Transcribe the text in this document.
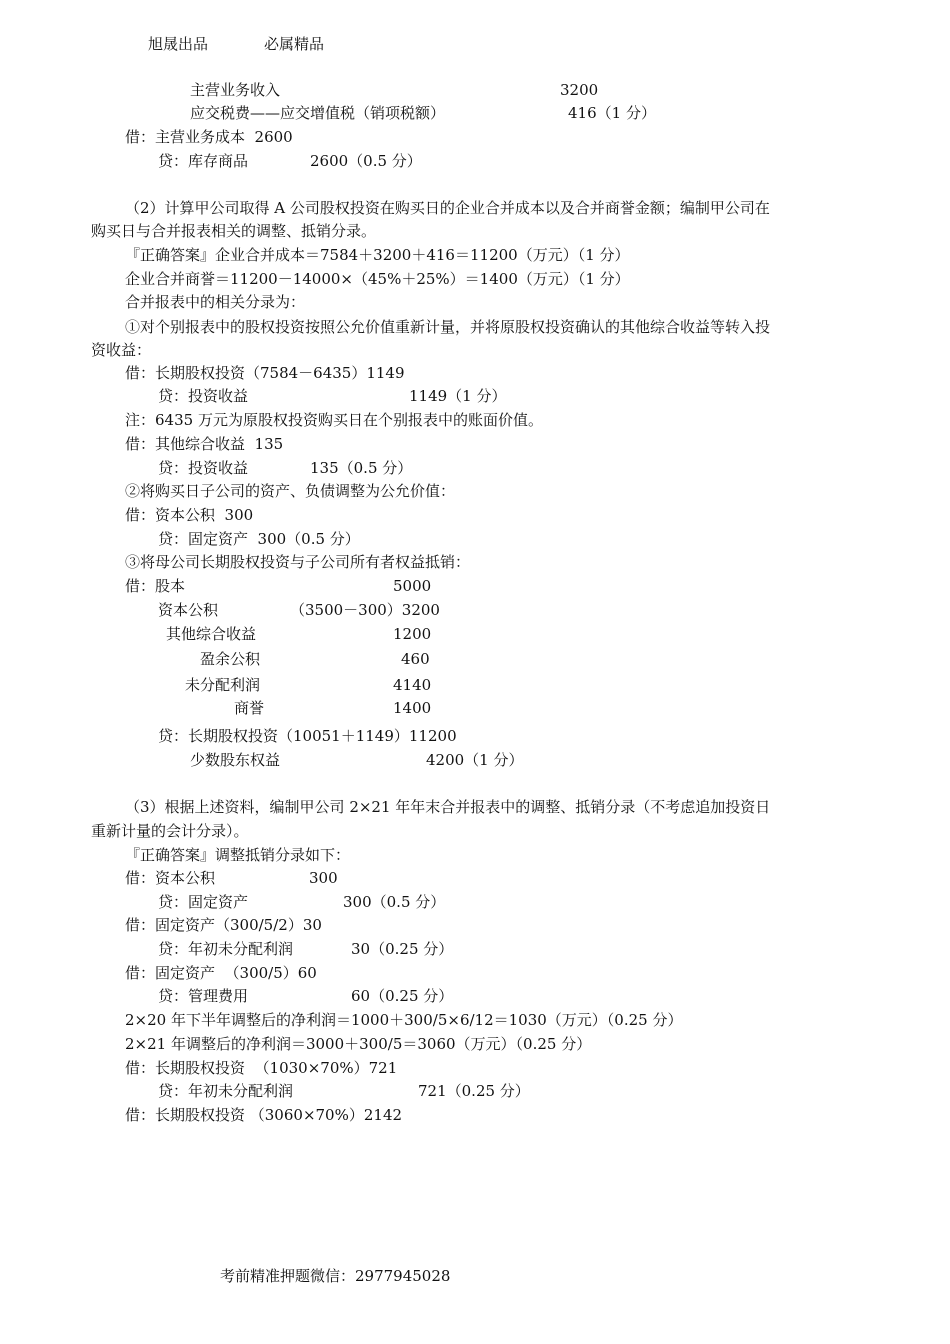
旭晟出品	必属精品
主营业务收入	3200
应交税费——应交增值税（销项税额）	416（1 分）
借：主营业务成本  2600
贷：库存商品	2600（0.5 分）
（2）计算甲公司取得 A 公司股权投资在购买日的企业合并成本以及合并商誉金额；编制甲公司在
购买日与合并报表相关的调整、抵销分录。
『正确答案』企业合并成本＝7584＋3200＋416＝11200（万元）（1 分）
企业合并商誉＝11200－14000×（45%＋25%）＝1400（万元）（1 分）
合并报表中的相关分录为：
①对个别报表中的股权投资按照公允价值重新计量，并将原股权投资确认的其他综合收益等转入投
资收益：
借：长期股权投资（7584－6435）1149
贷：投资收益	1149（1 分）
注：6435 万元为原股权投资购买日在个别报表中的账面价值。
借：其他综合收益  135
贷：投资收益	135（0.5 分）
②将购买日子公司的资产、负债调整为公允价值：
借：资本公积  300
贷：固定资产  300（0.5 分）
③将母公司长期股权投资与子公司所有者权益抵销：
借：股本	5000
资本公积	（3500－300）3200
其他综合收益	1200
盈余公积	460
未分配利润	4140
商誉	1400
贷：长期股权投资（10051＋1149）11200
少数股东权益	4200（1 分）
（3）根据上述资料，编制甲公司 2×21 年年末合并报表中的调整、抵销分录（不考虑追加投资日
重新计量的会计分录）。
『正确答案』调整抵销分录如下：
借：资本公积	300
贷：固定资产	300（0.5 分）
借：固定资产（300/5/2）30
贷：年初未分配利润	30（0.25 分）
借：固定资产  （300/5）60
贷：管理费用	60（0.25 分）
2×20 年下半年调整后的净利润＝1000＋300/5×6/12＝1030（万元）（0.25 分）
2×21 年调整后的净利润＝3000＋300/5＝3060（万元）（0.25 分）
借：长期股权投资  （1030×70%）721
贷：年初未分配利润	721（0.25 分）
借：长期股权投资 （3060×70%）2142
考前精准押题微信：2977945028
